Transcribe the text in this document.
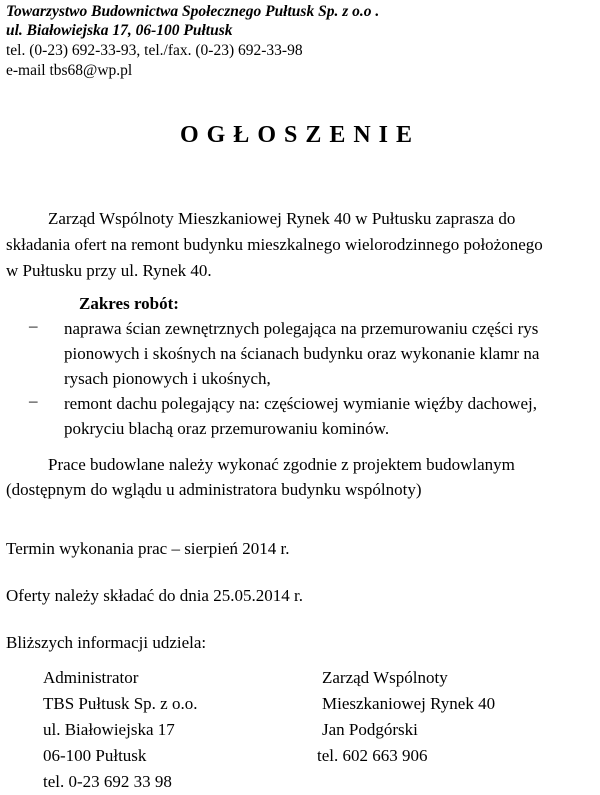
Towarzystwo Budownictwa Społecznego Pułtusk Sp. z o.o .
ul. Białowiejska 17, 06-100 Pułtusk
tel. (0-23) 692-33-93, tel./fax. (0-23) 692-33-98
e-mail tbs68@wp.pl
OGŁOSZENIE
Zarząd Wspólnoty Mieszkaniowej Rynek 40 w Pułtusku zaprasza do
składania ofert na remont budynku mieszkalnego wielorodzinnego położonego
w Pułtusku przy ul. Rynek 40.
Zakres robót:
– naprawa ścian zewnętrznych polegająca na przemurowaniu części rys
pionowych i skośnych na ścianach budynku oraz wykonanie klamr na
rysach pionowych i ukośnych,
– remont dachu polegający na: częściowej wymianie więźby dachowej,
pokryciu blachą oraz przemurowaniu kominów.
Prace budowlane należy wykonać zgodnie z projektem budowlanym
(dostępnym do wglądu u administratora budynku wspólnoty)
Termin wykonania prac – sierpień 2014 r.
Oferty należy składać do dnia 25.05.2014 r.
Bliższych informacji udziela:
Administrator
TBS Pułtusk Sp. z o.o.
ul. Białowiejska 17
06-100 Pułtusk
tel. 0-23 692 33 98
Zarząd Wspólnoty
Mieszkaniowej Rynek 40
Jan Podgórski
tel. 602 663 906
